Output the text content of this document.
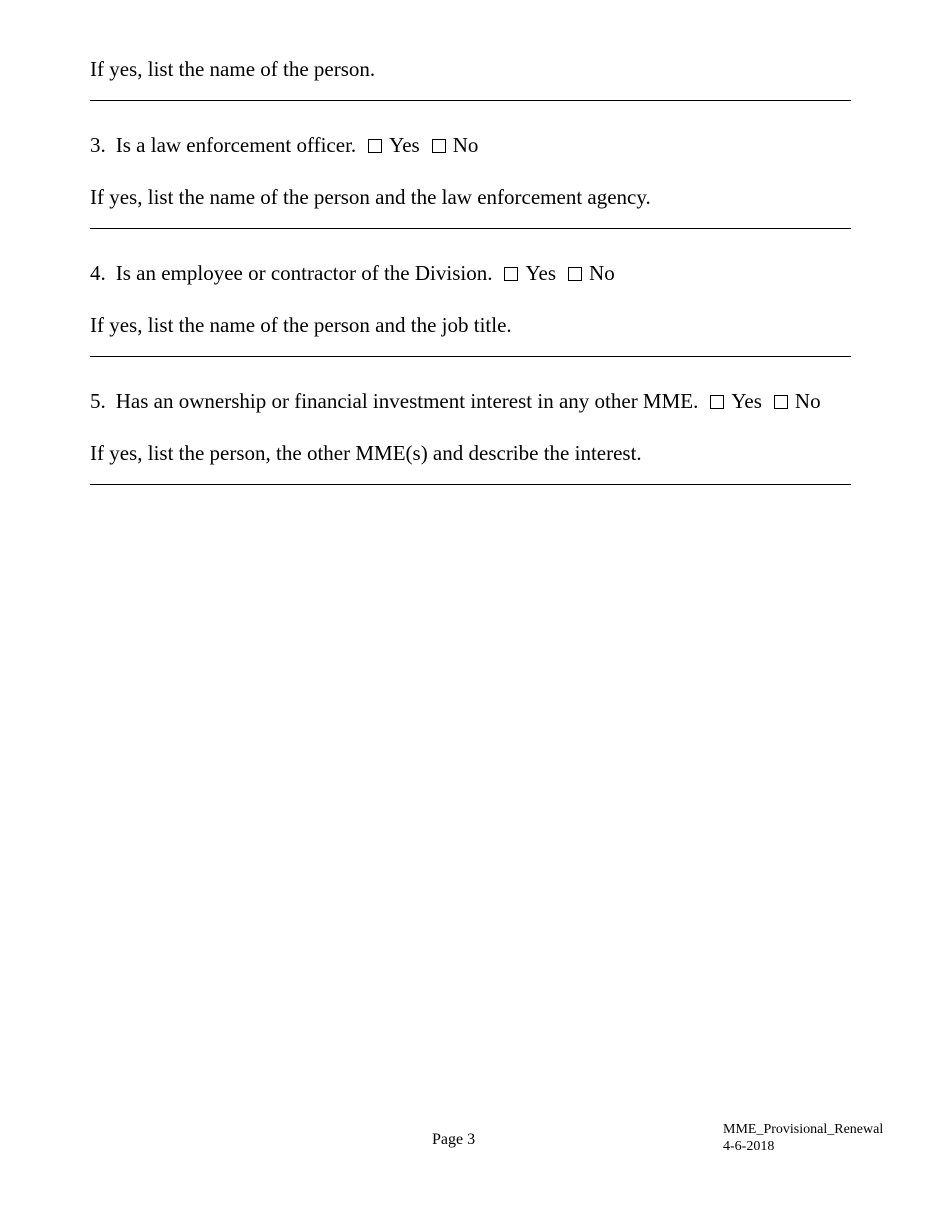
If yes, list the name of the person.
3. Is a law enforcement officer. Yes No
If yes, list the name of the person and the law enforcement agency.
4. Is an employee or contractor of the Division. Yes No
If yes, list the name of the person and the job title.
5. Has an ownership or financial investment interest in any other MME. Yes No
If yes, list the person, the other MME(s) and describe the interest.
Page 3
MME_Provisional_Renewal
4-6-2018
